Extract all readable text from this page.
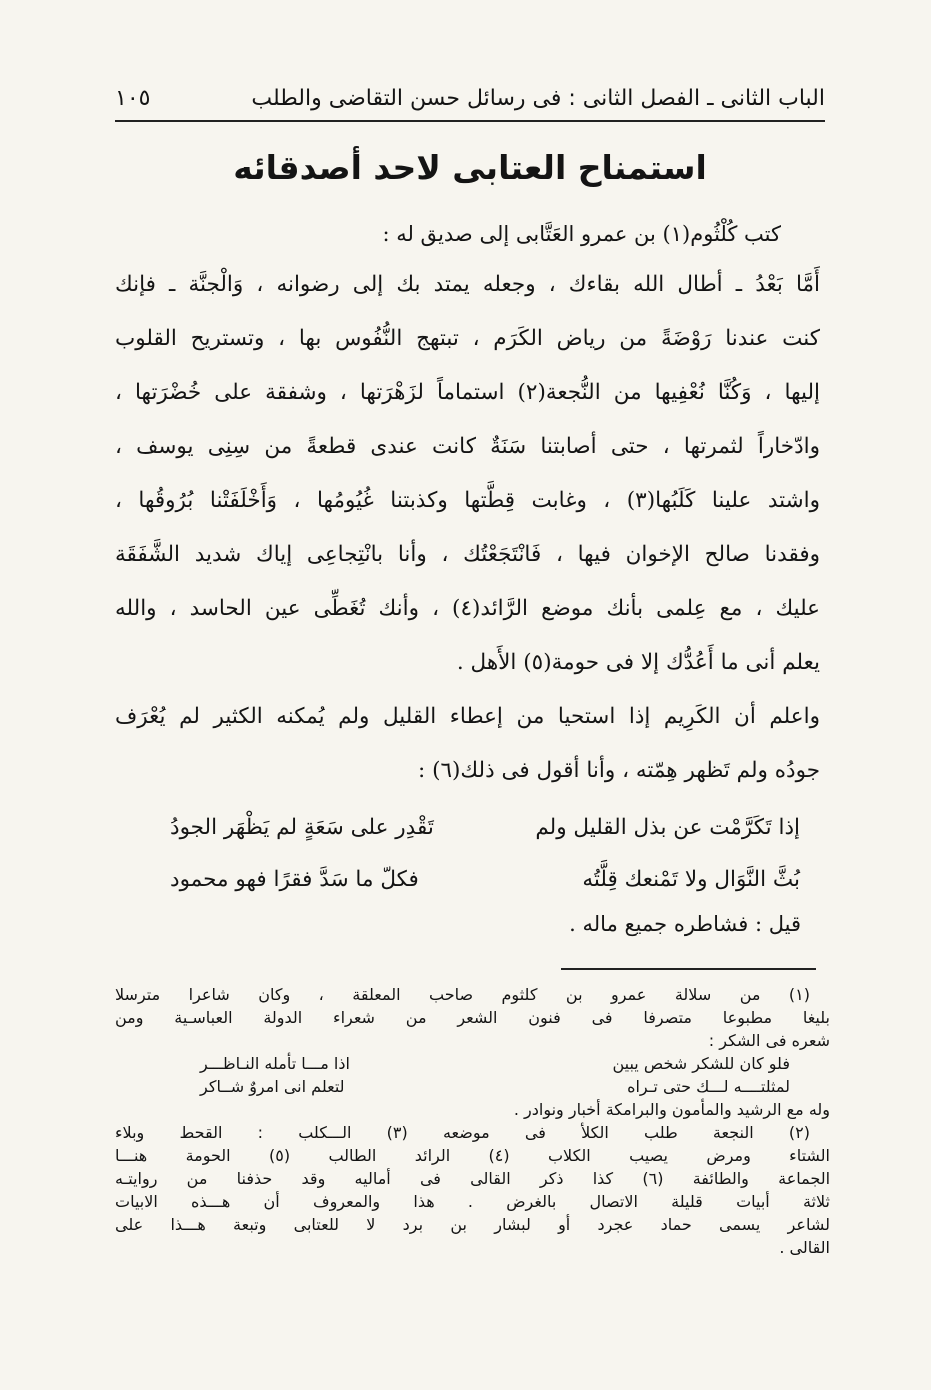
الباب الثانى ـ الفصل الثانى : فى رسائل حسن التقاضى والطلب
١٠٥
استمناح العتابى لاحد أصدقائه
كتب كُلْثُوم(١) بن عمرو العَتَّابى إلى صديق له :
أَمَّا بَعْدُ ـ أطال الله بقاءك ، وجعله يمتد بك إلى رضوانه ، وَالْجنَّة ـ فإنك
كنت عندنا رَوْضَةً من رياض الكَرَم ، تبتهج النُّفُوس بها ، وتستريح القلوب
إليها ، وَكُنَّا نُعْفِيها من النُّجعة(٢) استماماً لزَهْرَتها ، وشفقة على خُضْرَتها ،
وادّخاراً لثمرتها ، حتى أصابتنا سَنَةٌ كانت عندى قطعةً من سِنِى يوسف ،
واشتد علينا كَلَبُها(٣) ، وغابت قِطَّتها وكذبتنا غُيُومُها ، وَأَخْلَفَتْنا بُرُوقُها ،
وفقدنا صالح الإخوان فيها ، فَانْتَجَعْتُك ، وأنا بانْتِجاعِى إياك شديد الشَّفَقَة
عليك ، مع عِلمى بأنك موضع الرَّائد(٤) ، وأنك تُغَطِّى عين الحاسد ، والله
يعلم أنى ما أَعُدُّك إلا فى حومة(٥) الأَهل .
واعلم أن الكَرِيم إذا استحيا من إعطاء القليل ولم يُمكنه الكثير لم يُعْرَف
جودُه ولم تَظهر هِمّته ، وأنا أقول فى ذلك(٦) :
إذا تَكَرَّمْت عن بذل القليل ولم
تَقْدِر على سَعَةٍ لم يَظْهَر الجودُ
بُثَّ النَّوَال ولا تَمْنعك قِلَّتُه
فكلّ ما سَدَّ فقرًا فهو محمود
قيل : فشاطره جميع ماله .
(١) من سلالة عمرو بن كلثوم صاحب المعلقة ، وكان شاعرا مترسلا
بليغا مطبوعا متصرفا فى فنون الشعر من شعراء الدولة العباسـية ومن
شعره فى الشكر :
فلو كان للشكر شخص يبين
اذا مـــا تأمله النـاظـــر
لمثلتــــه لـــك حتى تـراه
لتعلم انى امروٌ شــاكر
وله مع الرشيد والمأمون والبرامكة أخبار ونوادر .
(٢) النجعة طلب الكلأ فى موضعه (٣) الـــكلب : القحط وبلاء
الشتاء ومرض يصيب الكلاب (٤) الرائد الطالب (٥) الحومة هنـــا
الجماعة والطائفة (٦) كذا ذكر القالى فى أماليه وقد حذفنا من روايتـه
ثلاثة أبيات قليلة الاتصال بالغرض . هذا والمعروف أن هـــذه الابيات
لشاعر يسمى حماد عجرد أو لبشار بن برد لا للعتابى وتبعة هـــذا على
القالى .
